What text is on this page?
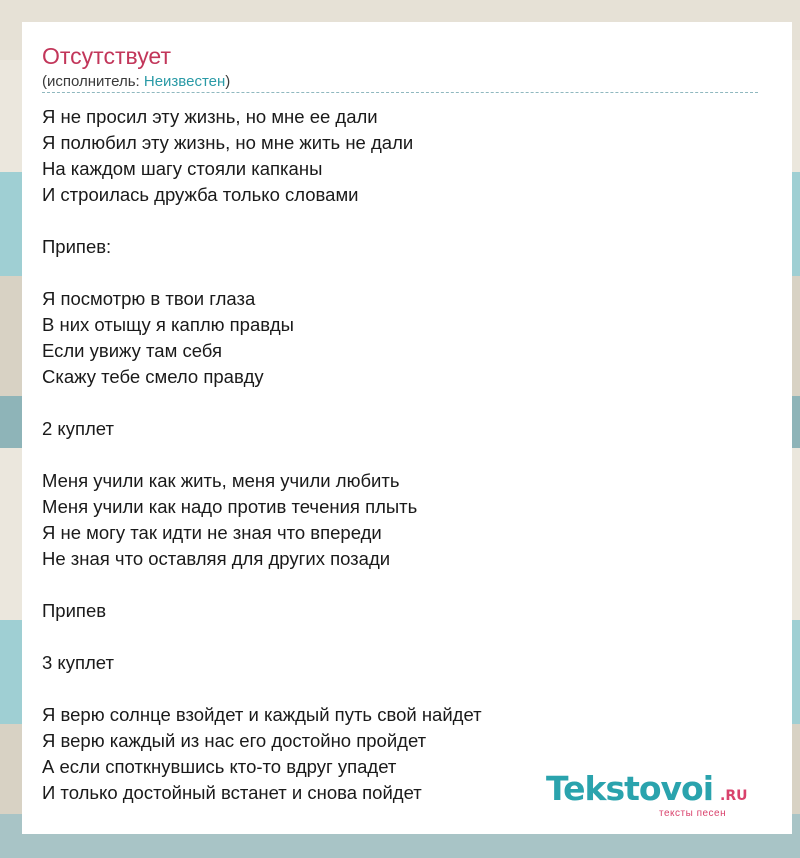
Отсутствует
(исполнитель: Неизвестен)
Я не просил эту жизнь, но мне ее дали
Я полюбил эту жизнь, но мне жить не дали
На каждом шагу стояли капканы
И строилась дружба только словами
Припев:
Я посмотрю в твои глаза
В них отыщу я каплю правды
Если увижу там себя
Скажу тебе смело правду
2 куплет
Меня учили как жить, меня учили любить
Меня учили как надо против течения плыть
Я не могу так идти не зная что впереди
Не зная что оставляя для других позади
Припев
3 куплет
Я верю солнце взойдет и каждый путь свой найдет
Я верю каждый из нас его достойно пройдет
А если споткнувшись кто-то вдруг упадет
И только достойный встанет и снова пойдет	Tekstovoi .RU
тексты песен
